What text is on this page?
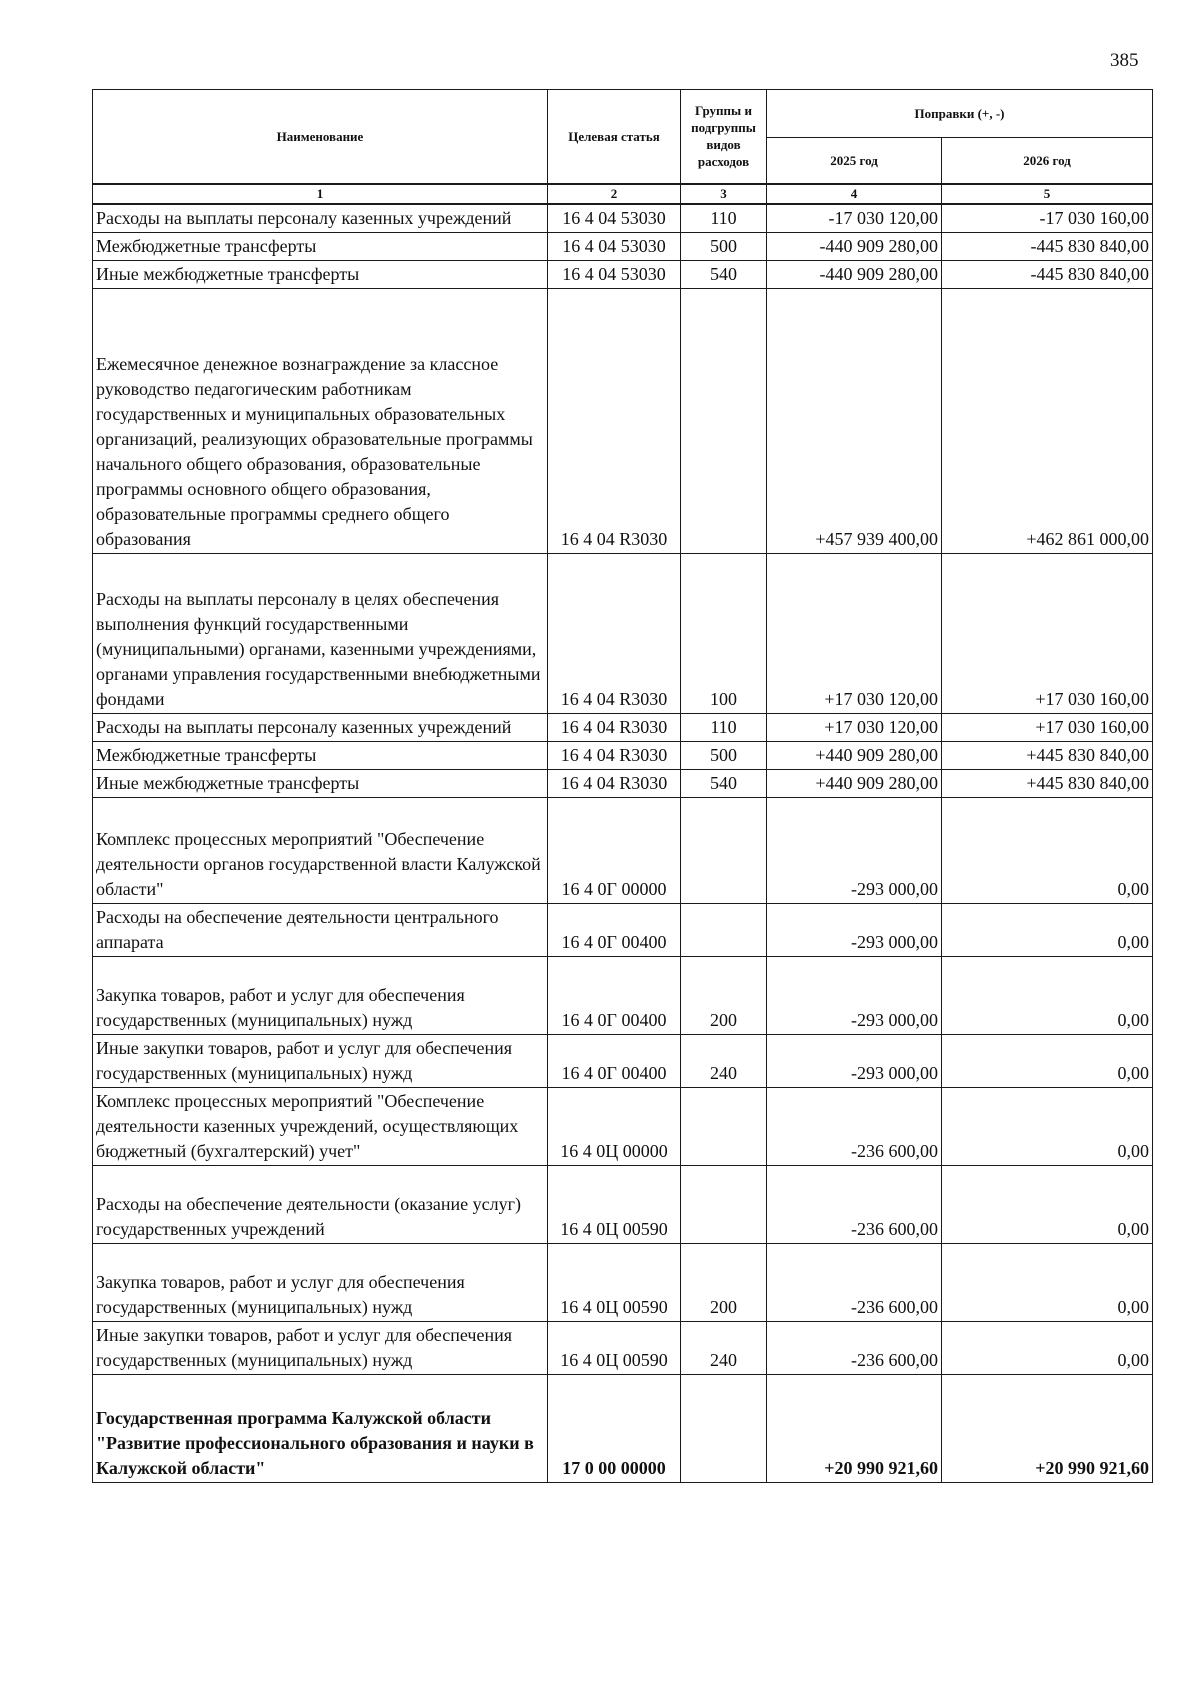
385
Наименование	Целевая статья	Группы и подгруппы видов расходов	Поправки (+, -)	
			2025 год	2026 год
1	2	3	4	5
Расходы на выплаты персоналу казенных учреждений	16 4 04 53030	110	-17 030 120,00	-17 030 160,00
Межбюджетные трансферты	16 4 04 53030	500	-440 909 280,00	-445 830 840,00
Иные межбюджетные трансферты	16 4 04 53030	540	-440 909 280,00	-445 830 840,00
Ежемесячное денежное вознаграждение за классное руководство педагогическим работникам государственных и муниципальных образовательных организаций, реализующих образовательные программы начального общего образования, образовательные программы основного общего образования, образовательные программы среднего общего образования	16 4 04 R3030		+457 939 400,00	+462 861 000,00
Расходы на выплаты персоналу в целях обеспечения выполнения функций государственными (муниципальными) органами, казенными учреждениями, органами управления государственными внебюджетными фондами	16 4 04 R3030	100	+17 030 120,00	+17 030 160,00
Расходы на выплаты персоналу казенных учреждений	16 4 04 R3030	110	+17 030 120,00	+17 030 160,00
Межбюджетные трансферты	16 4 04 R3030	500	+440 909 280,00	+445 830 840,00
Иные межбюджетные трансферты	16 4 04 R3030	540	+440 909 280,00	+445 830 840,00
Комплекс процессных мероприятий "Обеспечение деятельности органов государственной власти Калужской области"	16 4 0Г 00000		-293 000,00	0,00
Расходы на обеспечение деятельности центрального аппарата	16 4 0Г 00400		-293 000,00	0,00
Закупка товаров, работ и услуг для обеспечения государственных (муниципальных) нужд	16 4 0Г 00400	200	-293 000,00	0,00
Иные закупки товаров, работ и услуг для обеспечения государственных (муниципальных) нужд	16 4 0Г 00400	240	-293 000,00	0,00
Комплекс процессных мероприятий "Обеспечение деятельности казенных учреждений, осуществляющих бюджетный (бухгалтерский) учет"	16 4 0Ц 00000		-236 600,00	0,00
Расходы на обеспечение деятельности (оказание услуг) государственных учреждений	16 4 0Ц 00590		-236 600,00	0,00
Закупка товаров, работ и услуг для обеспечения государственных (муниципальных) нужд	16 4 0Ц 00590	200	-236 600,00	0,00
Иные закупки товаров, работ и услуг для обеспечения государственных (муниципальных) нужд	16 4 0Ц 00590	240	-236 600,00	0,00
Государственная программа Калужской области "Развитие профессионального образования и науки в Калужской области"	17 0 00 00000		+20 990 921,60	+20 990 921,60
